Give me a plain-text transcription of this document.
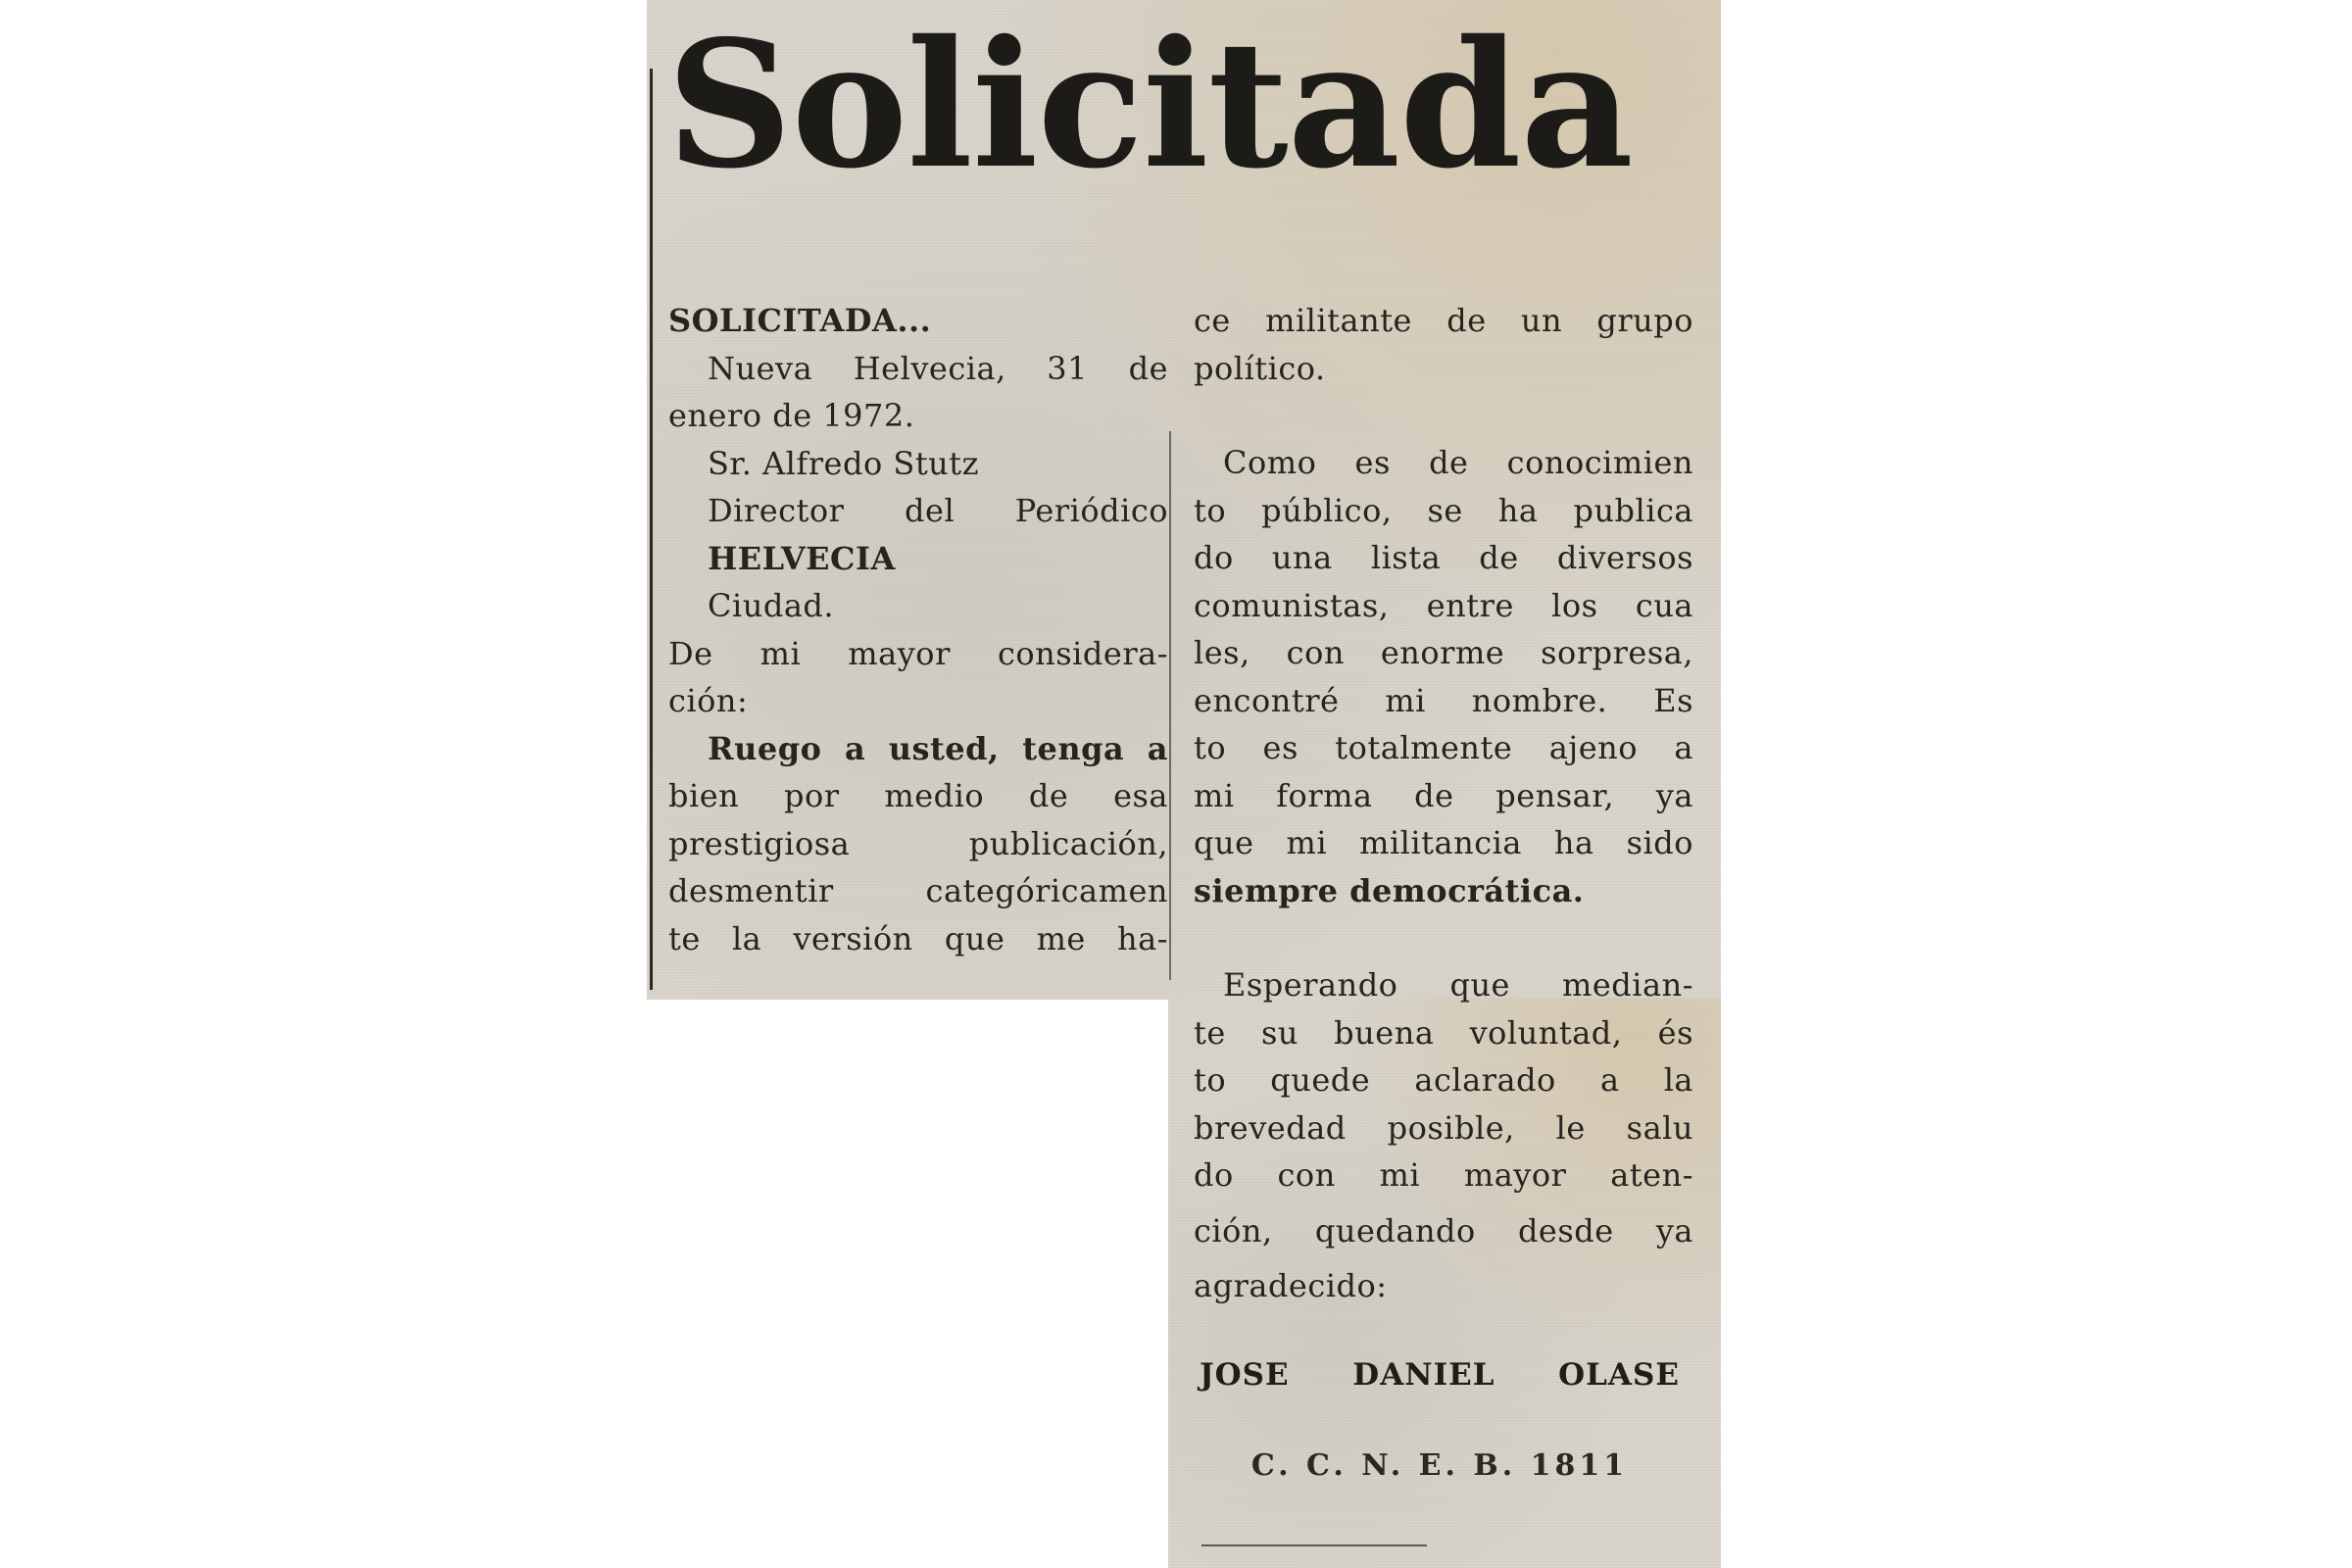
Solicitada
SOLICITADA...
Nueva Helvecia, 31 de
enero de 1972.
Sr. Alfredo Stutz
Director del Periódico
HELVECIA
Ciudad.
De mi mayor considera-
ción:
Ruego a usted, tenga a
bien por medio de esa
prestigiosa publicación,
desmentir categóricamen
te la versión que me ha-
ce militante de un grupo
político.
Como es de conocimien
to público, se ha publica
do una lista de diversos
comunistas, entre los cua
les, con enorme sorpresa,
encontré mi nombre. Es
to es totalmente ajeno a
mi forma de pensar, ya
que mi militancia ha sido
siempre democrática.
Esperando que median-
te su buena voluntad, és
to quede aclarado a la
brevedad posible, le salu
do con mi mayor aten-
ción, quedando desde ya
agradecido:
JOSE DANIEL OLASE
C. C. N. E. B. 1811
